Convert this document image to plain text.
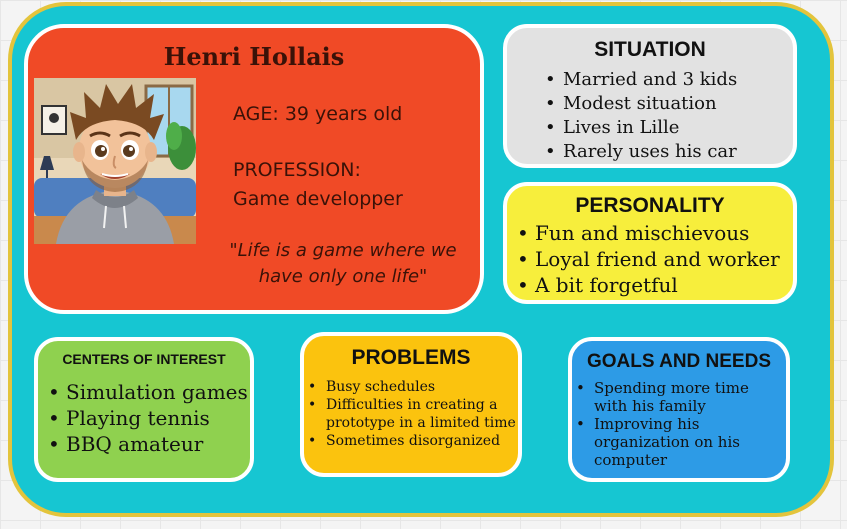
Henri Hollais
AGE: 39 years old
PROFESSION:
Game developper
"Life is a game where we
have only one life"
SITUATION
• Married and 3 kids
• Modest situation
• Lives in Lille
• Rarely uses his car
PERSONALITY
• Fun and mischievous
• Loyal friend and worker
• A bit forgetful
CENTERS OF INTEREST
• Simulation games
• Playing tennis
• BBQ amateur
PROBLEMS
• Busy schedules
• Difficulties in creating a prototype in a limited time
• Sometimes disorganized
GOALS AND NEEDS
• Spending more time with his family
• Improving his organization on his computer
